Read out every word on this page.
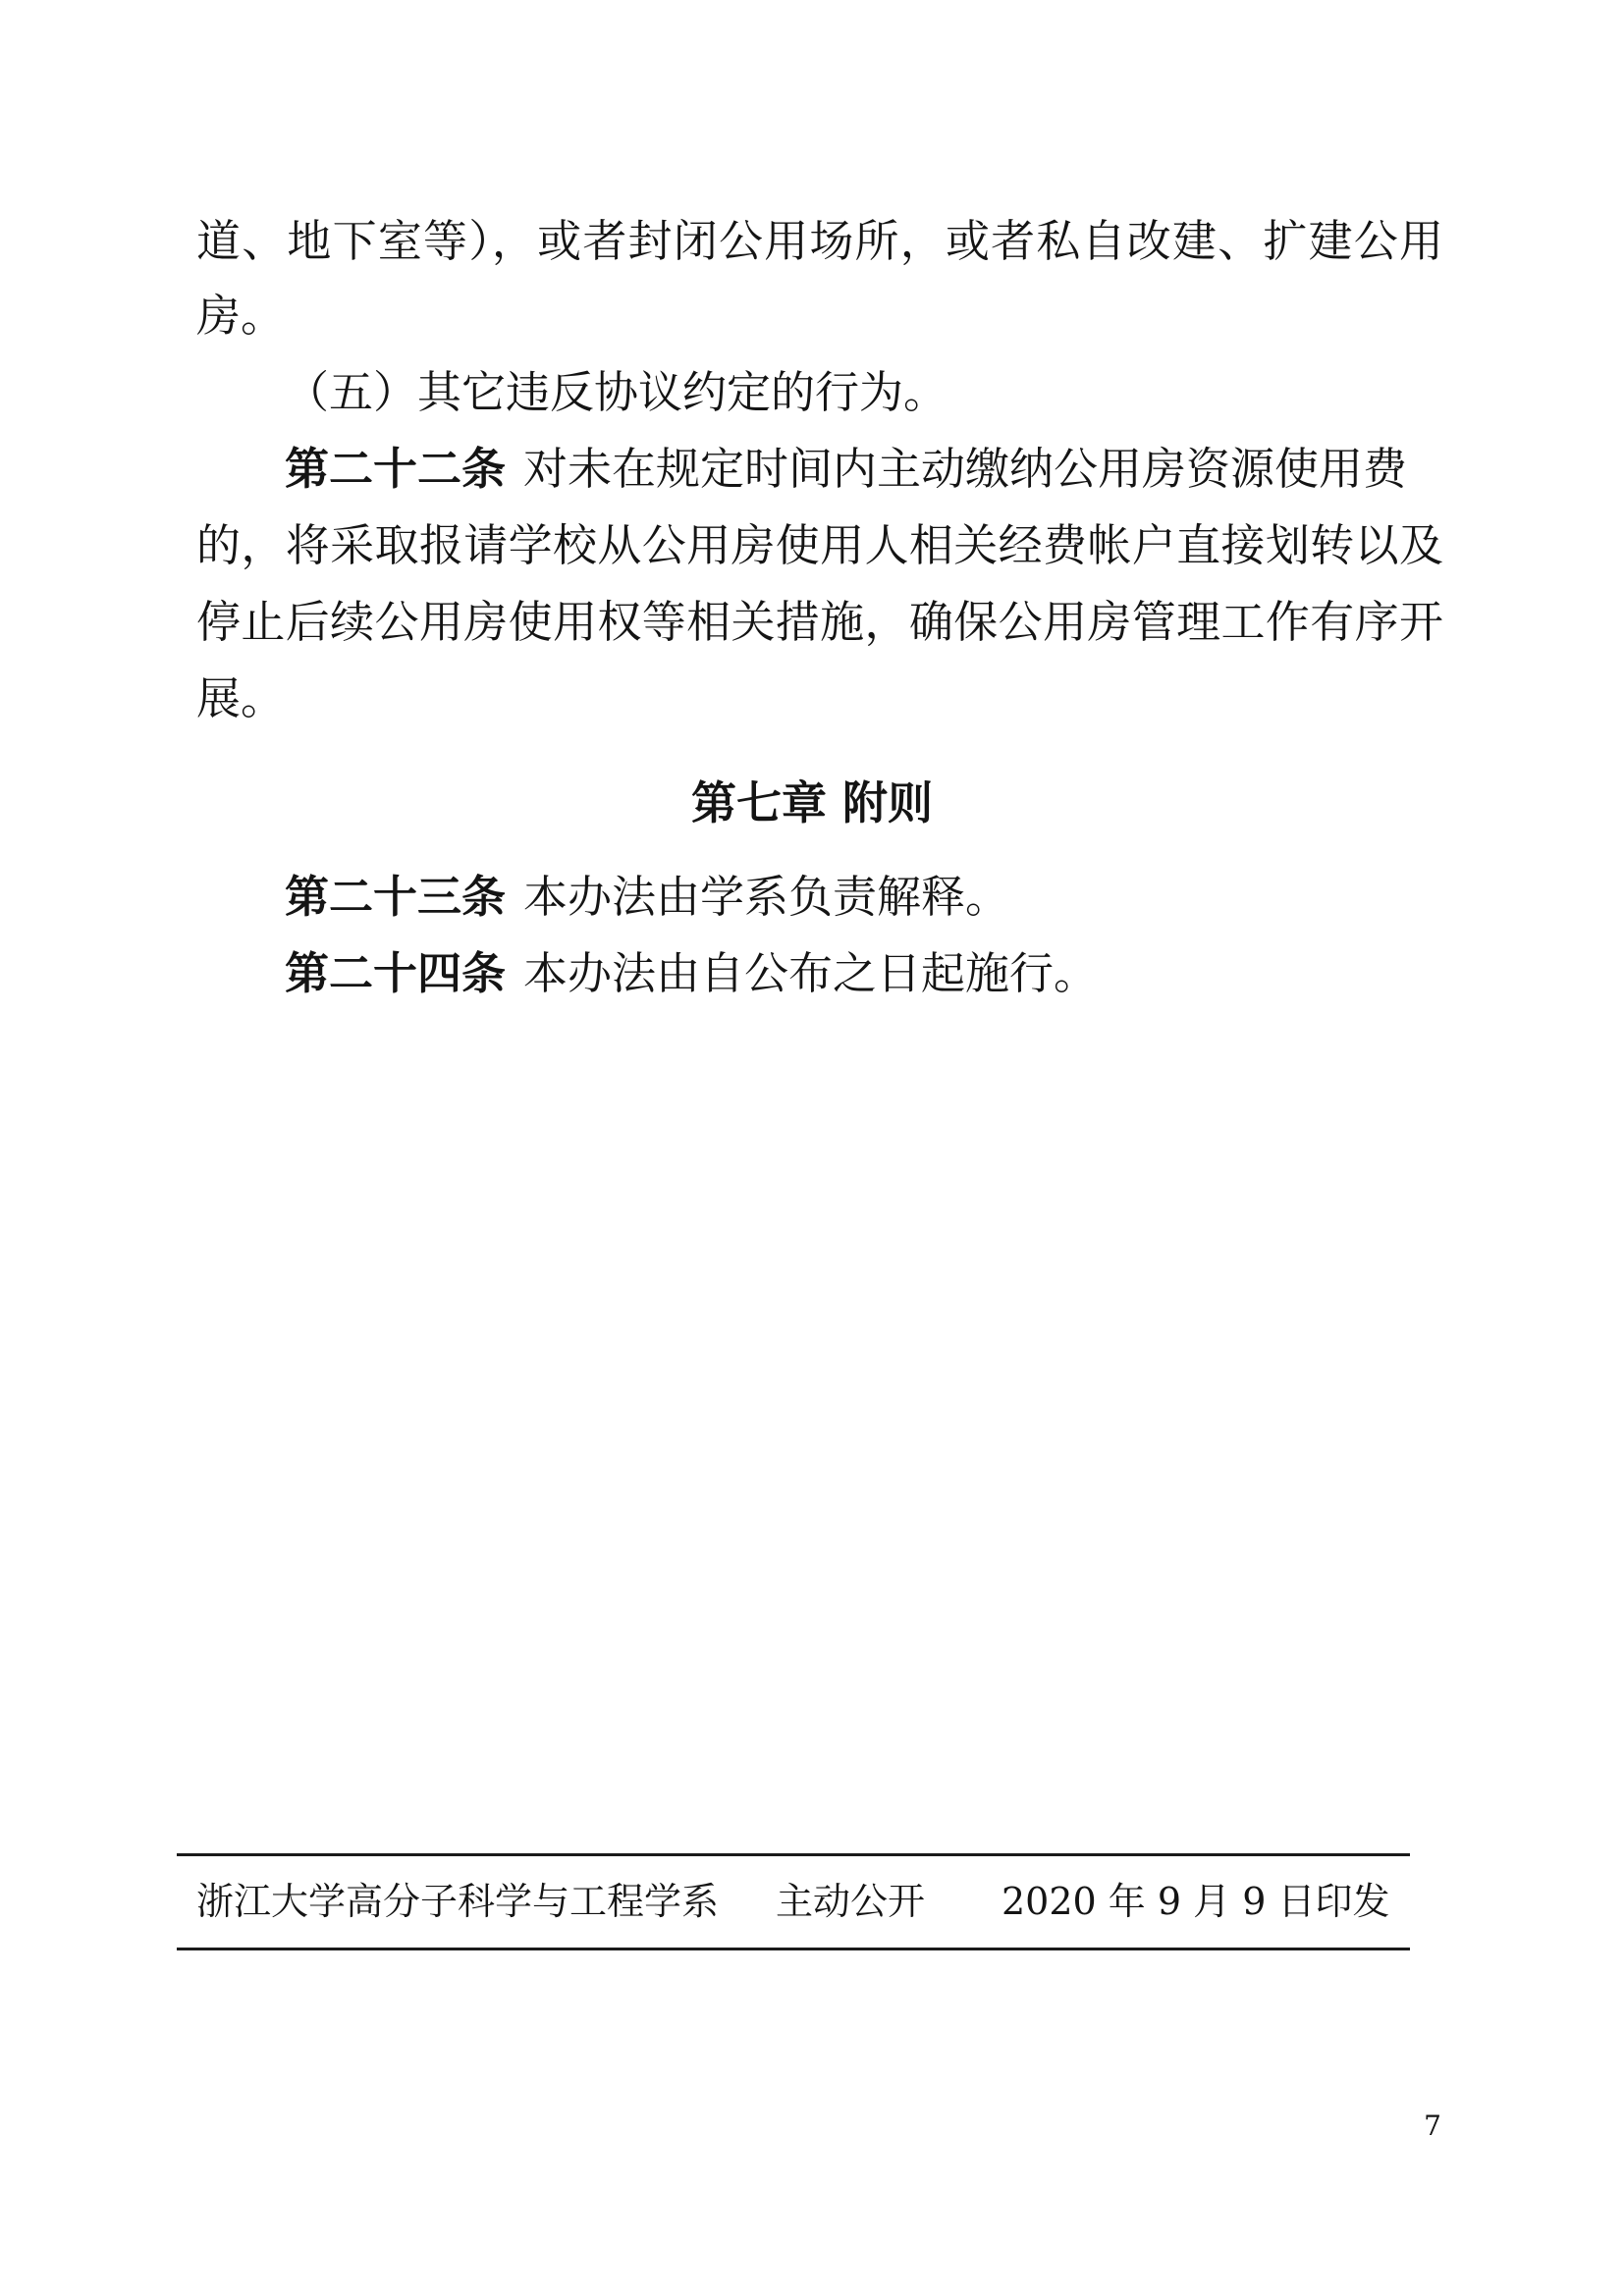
道、地下室等），或者封闭公用场所，或者私自改建、扩建公用
房。
（五）其它违反协议约定的行为。
第二十二条 对未在规定时间内主动缴纳公用房资源使用费
的，将采取报请学校从公用房使用人相关经费帐户直接划转以及
停止后续公用房使用权等相关措施，确保公用房管理工作有序开
展。
第七章 附则
第二十三条 本办法由学系负责解释。
第二十四条 本办法由自公布之日起施行。
浙江大学高分子科学与工程学系 主动公开 2020 年 9 月 9 日印发
7
